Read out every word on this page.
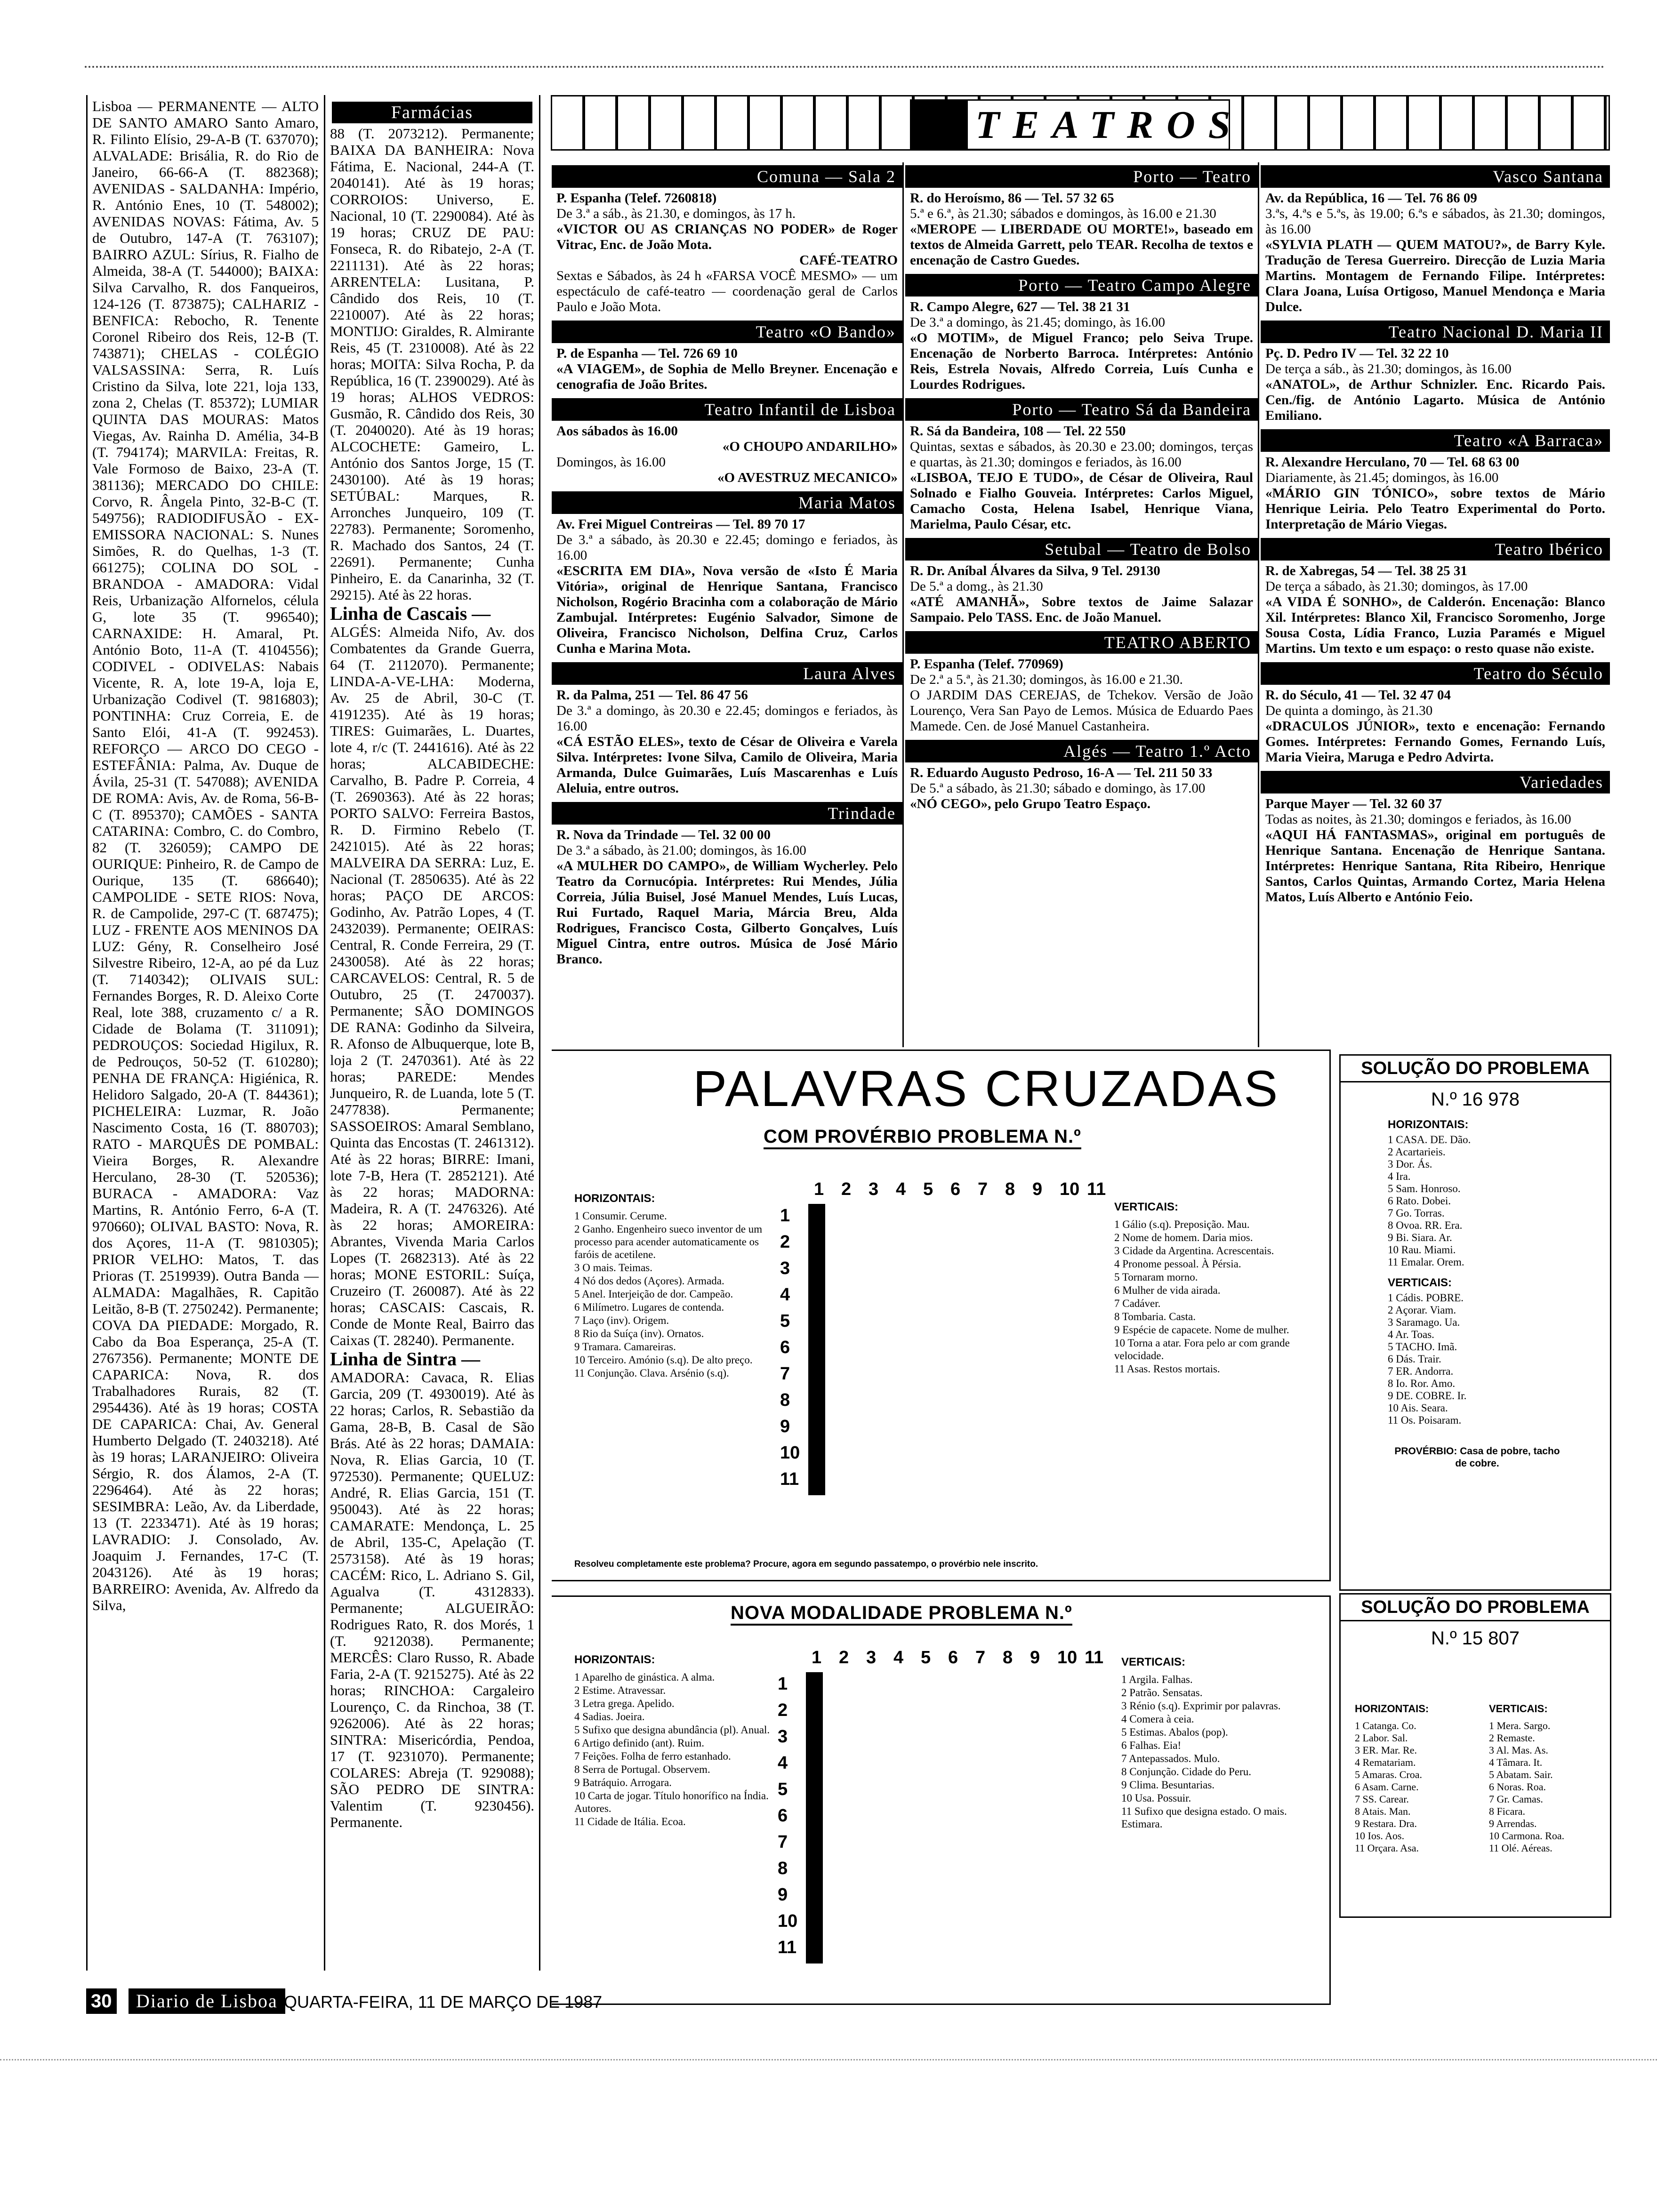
Lisboa — PERMANENTE — ALTO DE SANTO AMARO Santo Amaro, R. Filinto Elísio, 29-A-B (T. 637070); ALVALADE: Brisália, R. do Rio de Janeiro, 66-66-A (T. 882368); AVENIDAS - SALDANHA: Império, R. António Enes, 10 (T. 548002); AVENIDAS NOVAS: Fátima, Av. 5 de Outubro, 147-A (T. 763107); BAIRRO AZUL: Sírius, R. Fialho de Almeida, 38-A (T. 544000); BAIXA: Silva Carvalho, R. dos Fanqueiros, 124-126 (T. 873875); CALHARIZ - BENFICA: Rebocho, R. Tenente Coronel Ribeiro dos Reis, 12-B (T. 743871); CHELAS - COLÉGIO VALSASSINA: Serra, R. Luís Cristino da Silva, lote 221, loja 133, zona 2, Chelas (T. 85372); LUMIAR QUINTA DAS MOURAS: Matos Viegas, Av. Rainha D. Amélia, 34-B (T. 794174); MARVILA: Freitas, R. Vale Formoso de Baixo, 23-A (T. 381136); MERCADO DO CHILE: Corvo, R. Ângela Pinto, 32-B-C (T. 549756); RADIODIFUSÃO - EX-EMISSORA NACIONAL: S. Nunes Simões, R. do Quelhas, 1-3 (T. 661275); COLINA DO SOL - BRANDOA - AMADORA: Vidal Reis, Urbanização Alfornelos, célula G, lote 35 (T. 996540); CARNAXIDE: H. Amaral, Pt. António Boto, 11-A (T. 4104556); CODIVEL - ODIVELAS: Nabais Vicente, R. A, lote 19-A, loja E, Urbanização Codivel (T. 9816803); PONTINHA: Cruz Correia, E. de Santo Elói, 41-A (T. 992453). REFORÇO — ARCO DO CEGO - ESTEFÂNIA: Palma, Av. Duque de Ávila, 25-31 (T. 547088); AVENIDA DE ROMA: Avis, Av. de Roma, 56-B-C (T. 895370); CAMÕES - SANTA CATARINA: Combro, C. do Combro, 82 (T. 326059); CAMPO DE OURIQUE: Pinheiro, R. de Campo de Ourique, 135 (T. 686640); CAMPOLIDE - SETE RIOS: Nova, R. de Campolide, 297-C (T. 687475); LUZ - FRENTE AOS MENINOS DA LUZ: Gény, R. Conselheiro José Silvestre Ribeiro, 12-A, ao pé da Luz (T. 7140342); OLIVAIS SUL: Fernandes Borges, R. D. Aleixo Corte Real, lote 388, cruzamento c/ a R. Cidade de Bolama (T. 311091); PEDROUÇOS: Sociedad Higilux, R. de Pedrouços, 50-52 (T. 610280); PENHA DE FRANÇA: Higiénica, R. Helidoro Salgado, 20-A (T. 844361); PICHELEIRA: Luzmar, R. João Nascimento Costa, 16 (T. 880703); RATO - MARQUÊS DE POMBAL: Vieira Borges, R. Alexandre Herculano, 28-30 (T. 520536); BURACA - AMADORA: Vaz Martins, R. António Ferro, 6-A (T. 970660); OLIVAL BASTO: Nova, R. dos Açores, 11-A (T. 9810305); PRIOR VELHO: Matos, T. das Prioras (T. 2519939). Outra Banda — ALMADA: Magalhães, R. Capitão Leitão, 8-B (T. 2750242). Permanente; COVA DA PIEDADE: Morgado, R. Cabo da Boa Esperança, 25-A (T. 2767356). Permanente; MONTE DE CAPARICA: Nova, R. dos Trabalhadores Rurais, 82 (T. 2954436). Até às 19 horas; COSTA DE CAPARICA: Chai, Av. General Humberto Delgado (T. 2403218). Até às 19 horas; LARANJEIRO: Oliveira Sérgio, R. dos Álamos, 2-A (T. 2296464). Até às 22 horas; SESIMBRA: Leão, Av. da Liberdade, 13 (T. 2233471). Até às 19 horas; LAVRADIO: J. Consolado, Av. Joaquim J. Fernandes, 17-C (T. 2043126). Até às 19 horas; BARREIRO: Avenida, Av. Alfredo da Silva,
Farmácias

88 (T. 2073212). Permanente; BAIXA DA BANHEIRA: Nova Fátima, E. Nacional, 244-A (T. 2040141). Até às 19 horas; CORROIOS: Universo, E. Nacional, 10 (T. 2290084). Até às 19 horas; CRUZ DE PAU: Fonseca, R. do Ribatejo, 2-A (T. 2211131). Até às 22 horas; ARRENTELA: Lusitana, P. Cândido dos Reis, 10 (T. 2210007). Até às 22 horas; MONTIJO: Giraldes, R. Almirante Reis, 45 (T. 2310008). Até às 22 horas; MOITA: Silva Rocha, P. da República, 16 (T. 2390029). Até às 19 horas; ALHOS VEDROS: Gusmão, R. Cândido dos Reis, 30 (T. 2040020). Até às 19 horas; ALCOCHETE: Gameiro, L. António dos Santos Jorge, 15 (T. 2430100). Até às 19 horas; SETÚBAL: Marques, R. Arronches Junqueiro, 109 (T. 22783). Permanente; Soromenho, R. Machado dos Santos, 24 (T. 22691). Permanente; Cunha Pinheiro, E. da Canarinha, 32 (T. 29215). Até às 22 horas.

Linha de Cascais —

ALGÉS: Almeida Nifo, Av. dos Combatentes da Grande Guerra, 64 (T. 2112070). Permanente; LINDA-A-VE-LHA: Moderna, Av. 25 de Abril, 30-C (T. 4191235). Até às 19 horas; TIRES: Guimarães, L. Duartes, lote 4, r/c (T. 2441616). Até às 22 horas; ALCABIDECHE: Carvalho, B. Padre P. Correia, 4 (T. 2690363). Até às 22 horas; PORTO SALVO: Ferreira Bastos, R. D. Firmino Rebelo (T. 2421015). Até às 22 horas; MALVEIRA DA SERRA: Luz, E. Nacional (T. 2850635). Até às 22 horas; PAÇO DE ARCOS: Godinho, Av. Patrão Lopes, 4 (T. 2432039). Permanente; OEIRAS: Central, R. Conde Ferreira, 29 (T. 2430058). Até às 22 horas; CARCAVELOS: Central, R. 5 de Outubro, 25 (T. 2470037). Permanente; SÃO DOMINGOS DE RANA: Godinho da Silveira, R. Afonso de Albuquerque, lote B, loja 2 (T. 2470361). Até às 22 horas; PAREDE: Mendes Junqueiro, R. de Luanda, lote 5 (T. 2477838). Permanente; SASSOEIROS: Amaral Semblano, Quinta das Encostas (T. 2461312). Até às 22 horas; BIRRE: Imani, lote 7-B, Hera (T. 2852121). Até às 22 horas; MADORNA: Madeira, R. A (T. 2476326). Até às 22 horas; AMOREIRA: Abrantes, Vivenda Maria Carlos Lopes (T. 2682313). Até às 22 horas; MONE ESTORIL: Suíça, Cruzeiro (T. 260087). Até às 22 horas; CASCAIS: Cascais, R. Conde de Monte Real, Bairro das Caixas (T. 28240). Permanente.

Linha de Sintra —

AMADORA: Cavaca, R. Elias Garcia, 209 (T. 4930019). Até às 22 horas; Carlos, R. Sebastião da Gama, 28-B, B. Casal de São Brás. Até às 22 horas; DAMAIA: Nova, R. Elias Garcia, 10 (T. 972530). Permanente; QUELUZ: André, R. Elias Garcia, 151 (T. 950043). Até às 22 horas; CAMARATE: Mendonça, L. 25 de Abril, 135-C, Apelação (T. 2573158). Até às 19 horas; CACÉM: Rico, L. Adriano S. Gil, Agualva (T. 4312833). Permanente; ALGUEIRÃO: Rodrigues Rato, R. dos Morés, 1 (T. 9212038). Permanente; MERCÊS: Claro Russo, R. Abade Faria, 2-A (T. 9215275). Até às 22 horas; RINCHOA: Cargaleiro Lourenço, C. da Rinchoa, 38 (T. 9262006). Até às 22 horas; SINTRA: Misericórdia, Pendoa, 17 (T. 9231070). Permanente; COLARES: Abreja (T. 929088); SÃO PEDRO DE SINTRA: Valentim (T. 9230456). Permanente.

TEATROS
Comuna — Sala 2
P. Espanha (Telef. 7260818)
De 3.ª a sáb., às 21.30, e domingos, às 17 h.
«VICTOR OU AS CRIANÇAS NO PODER» de Roger Vitrac, Enc. de João Mota.
CAFÉ-TEATRO
Sextas e Sábados, às 24 h «FARSA VOCÊ MESMO» — um espectáculo de café-teatro — coordenação geral de Carlos Paulo e João Mota.
Teatro «O Bando»
P. de Espanha — Tel. 726 69 10
«A VIAGEM», de Sophia de Mello Breyner. Encenação e cenografia de João Brites.
Teatro Infantil de Lisboa
Aos sábados às 16.00
«O CHOUPO ANDARILHO»
Domingos, às 16.00
«O AVESTRUZ MECANICO»
Maria Matos
Av. Frei Miguel Contreiras — Tel. 89 70 17
De 3.ª a sábado, às 20.30 e 22.45; domingo e feriados, às 16.00
«ESCRITA EM DIA», Nova versão de «Isto É Maria Vitória», original de Henrique Santana, Francisco Nicholson, Rogério Bracinha com a colaboração de Mário Zambujal. Intérpretes: Eugénio Salvador, Simone de Oliveira, Francisco Nicholson, Delfina Cruz, Carlos Cunha e Marina Mota.
Laura Alves
R. da Palma, 251 — Tel. 86 47 56
De 3.ª a domingo, às 20.30 e 22.45; domingos e feriados, às 16.00
«CÁ ESTÃO ELES», texto de César de Oliveira e Varela Silva. Intérpretes: Ivone Silva, Camilo de Oliveira, Maria Armanda, Dulce Guimarães, Luís Mascarenhas e Luís Aleluia, entre outros.
Trindade
R. Nova da Trindade — Tel. 32 00 00
De 3.ª a sábado, às 21.00; domingos, às 16.00
«A MULHER DO CAMPO», de William Wycherley. Pelo Teatro da Cornucópia. Intérpretes: Rui Mendes, Júlia Correia, Júlia Buisel, José Manuel Mendes, Luís Lucas, Rui Furtado, Raquel Maria, Márcia Breu, Alda Rodrigues, Francisco Costa, Gilberto Gonçalves, Luís Miguel Cintra, entre outros. Música de José Mário Branco.
Porto — Teatro
R. do Heroísmo, 86 — Tel. 57 32 65
5.ª e 6.ª, às 21.30; sábados e domingos, às 16.00 e 21.30
«MEROPE — LIBERDADE OU MORTE!», baseado em textos de Almeida Garrett, pelo TEAR. Recolha de textos e encenação de Castro Guedes.
Porto — Teatro Campo Alegre
R. Campo Alegre, 627 — Tel. 38 21 31
De 3.ª a domingo, às 21.45; domingo, às 16.00
«O MOTIM», de Miguel Franco; pelo Seiva Trupe. Encenação de Norberto Barroca. Intérpretes: António Reis, Estrela Novais, Alfredo Correia, Luís Cunha e Lourdes Rodrigues.
Porto — Teatro Sá da Bandeira
R. Sá da Bandeira, 108 — Tel. 22 550
Quintas, sextas e sábados, às 20.30 e 23.00; domingos, terças e quartas, às 21.30; domingos e feriados, às 16.00
«LISBOA, TEJO E TUDO», de César de Oliveira, Raul Solnado e Fialho Gouveia. Intérpretes: Carlos Miguel, Camacho Costa, Helena Isabel, Henrique Viana, Marielma, Paulo César, etc.
Setubal — Teatro de Bolso
R. Dr. Aníbal Álvares da Silva, 9 Tel. 29130
De 5.ª a domg., às 21.30
«ATÉ AMANHÃ», Sobre textos de Jaime Salazar Sampaio. Pelo TASS. Enc. de João Manuel.
TEATRO ABERTO
P. Espanha (Telef. 770969)
De 2.ª a 5.ª, às 21.30; domingos, às 16.00 e 21.30.
O JARDIM DAS CEREJAS, de Tchekov. Versão de João Lourenço, Vera San Payo de Lemos. Música de Eduardo Paes Mamede. Cen. de José Manuel Castanheira.
Algés — Teatro 1.º Acto
R. Eduardo Augusto Pedroso, 16-A — Tel. 211 50 33
De 5.ª a sábado, às 21.30; sábado e domingo, às 17.00
«NÓ CEGO», pelo Grupo Teatro Espaço.
Vasco Santana
Av. da República, 16 — Tel. 76 86 09
3.ªs, 4.ªs e 5.ªs, às 19.00; 6.ªs e sábados, às 21.30; domingos, às 16.00
«SYLVIA PLATH — QUEM MATOU?», de Barry Kyle. Tradução de Teresa Guerreiro. Direcção de Luzia Maria Martins. Montagem de Fernando Filipe. Intérpretes: Clara Joana, Luísa Ortigoso, Manuel Mendonça e Maria Dulce.
Teatro Nacional D. Maria II
Pç. D. Pedro IV — Tel. 32 22 10
De terça a sáb., às 21.30; domingos, às 16.00
«ANATOL», de Arthur Schnizler. Enc. Ricardo Pais. Cen./fig. de António Lagarto. Música de António Emiliano.
Teatro «A Barraca»
R. Alexandre Herculano, 70 — Tel. 68 63 00
Diariamente, às 21.45; domingos, às 16.00
«MÁRIO GIN TÓNICO», sobre textos de Mário Henrique Leiria. Pelo Teatro Experimental do Porto. Interpretação de Mário Viegas.
Teatro Ibérico
R. de Xabregas, 54 — Tel. 38 25 31
De terça a sábado, às 21.30; domingos, às 17.00
«A VIDA É SONHO», de Calderón. Encenação: Blanco Xil. Intérpretes: Blanco Xil, Francisco Soromenho, Jorge Sousa Costa, Lídia Franco, Luzia Paramés e Miguel Martins. Um texto e um espaço: o resto quase não existe.
Teatro do Século
R. do Século, 41 — Tel. 32 47 04
De quinta a domingo, às 21.30
«DRACULOS JÚNIOR», texto e encenação: Fernando Gomes. Intérpretes: Fernando Gomes, Fernando Luís, Maria Vieira, Maruga e Pedro Advirta.
Variedades
Parque Mayer — Tel. 32 60 37
Todas as noites, às 21.30; domingos e feriados, às 16.00
«AQUI HÁ FANTASMAS», original em português de Henrique Santana. Encenação de Henrique Santana. Intérpretes: Henrique Santana, Rita Ribeiro, Henrique Santos, Carlos Quintas, Armando Cortez, Maria Helena Matos, Luís Alberto e António Feio.
PALAVRAS CRUZADAS
COM PROVÉRBIO PROBLEMA N.º
HORIZONTAIS:
1 Consumir. Cerume.
2 Ganho. Engenheiro sueco inventor de um processo para acender automaticamente os faróis de acetilene.
3 O mais. Teimas.
4 Nó dos dedos (Açores). Armada.
5 Anel. Interjeição de dor. Campeão.
6 Milímetro. Lugares de contenda.
7 Laço (inv). Origem.
8 Rio da Suíça (inv). Ornatos.
9 Tramara. Camareiras.
10 Terceiro. Amónio (s.q). De alto preço.
11 Conjunção. Clava. Arsénio (s.q).
1 2 3 4 5 6 7 8 9 10 11
1
2
3
4
5
6
7
8
9
10
11

VERTICAIS:
1 Gálio (s.q). Preposição. Mau.
2 Nome de homem. Daria mios.
3 Cidade da Argentina. Acrescentais.
4 Pronome pessoal. À Pérsia.
5 Tornaram morno.
6 Mulher de vida airada.
7 Cadáver.
8 Tombaria. Casta.
9 Espécie de capacete. Nome de mulher.
10 Torna a atar. Fora pelo ar com grande velocidade.
11 Asas. Restos mortais.
Resolveu completamente este problema? Procure, agora em segundo passatempo, o provérbio nele inscrito.
SOLUÇÃO DO PROBLEMA
N.º 16 978
HORIZONTAIS:
1 CASA. DE. Dão.
2 Acartarieis.
3 Dor. Ás.
4 Ira.
5 Sam. Honroso.
6 Rato. Dobei.
7 Go. Torras.
8 Ovoa. RR. Era.
9 Bi. Siara. Ar.
10 Rau. Miami.
11 Emalar. Orem.
VERTICAIS:
1 Cádis. POBRE.
2 Açorar. Viam.
3 Saramago. Ua.
4 Ar. Toas.
5 TACHO. Imã.
6 Dás. Trair.
7 ER. Andorra.
8 Io. Ror. Amo.
9 DE. COBRE. Ir.
10 Ais. Seara.
11 Os. Poisaram.
PROVÉRBIO: Casa de pobre, tacho de cobre.
NOVA MODALIDADE PROBLEMA N.º
HORIZONTAIS:
1 Aparelho de ginástica. A alma.
2 Estime. Atravessar.
3 Letra grega. Apelido.
4 Sadias. Joeira.
5 Sufixo que designa abundância (pl). Anual.
6 Artigo definido (ant). Ruim.
7 Feições. Folha de ferro estanhado.
8 Serra de Portugal. Observem.
9 Batráquio. Arrogara.
10 Carta de jogar. Título honorífico na Índia. Autores.
11 Cidade de Itália. Ecoa.
1 2 3 4 5 6 7 8 9 10 11
1
2
3
4
5
6
7
8
9
10
11

VERTICAIS:
1 Argila. Falhas.
2 Patrão. Sensatas.
3 Rénio (s.q). Exprimir por palavras.
4 Comera à ceia.
5 Estimas. Abalos (pop).
6 Falhas. Eia!
7 Antepassados. Mulo.
8 Conjunção. Cidade do Peru.
9 Clima. Besuntarias.
10 Usa. Possuir.
11 Sufixo que designa estado. O mais. Estimara.
SOLUÇÃO DO PROBLEMA
N.º 15 807
HORIZONTAIS:
1 Catanga. Co.
2 Labor. Sal.
3 ER. Mar. Re.
4 Rematariam.
5 Amaras. Croa.
6 Asam. Carne.
7 SS. Carear.
8 Atais. Man.
9 Restara. Dra.
10 Ios. Aos.
11 Orçara. Asa.
VERTICAIS:
1 Mera. Sargo.
2 Remaste.
3 Al. Mas. As.
4 Tâmara. It.
5 Abatam. Sair.
6 Noras. Roa.
7 Gr. Camas.
8 Ficara.
9 Arrendas.
10 Carmona. Roa.
11 Olé. Aéreas.
30	Diario de Lisboa QUARTA-FEIRA, 11 DE MARÇO DE 1987
